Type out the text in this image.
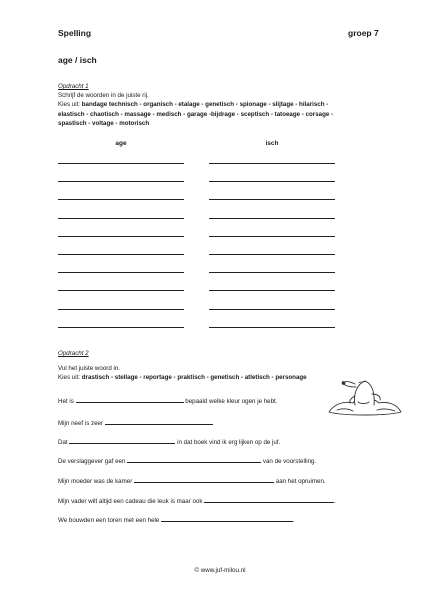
Spelling	groep 7
age / isch
Opdracht 1
Schrijf de woorden in de juiste rij.
Kies uit: bandage technisch - organisch - etalage - genetisch - spionage - slijtage - hilarisch -
elastisch - chaotisch - massage - medisch - garage -bijdrage - sceptisch - tatoeage - corsage -
spastisch - voltage - motorisch
age	isch
Opdracht 2
Vul het juiste woord in.
Kies uit: drastisch - stellage - reportage - praktisch - genetisch - atletisch - personage
Het is	bepaald welke kleur ogen je hebt.
Mijn neef is zeer
Dat	in dat boek vind ik erg lijken op de juf.
De verslaggever gaf een	van de voorstelling.
Mijn moeder was de kamer	aan het opruimen.
Mijn vader wilt altijd een cadeau die leuk is maar ook	.
We bouwden een toren met een hele	.
© www.juf-milou.nl
